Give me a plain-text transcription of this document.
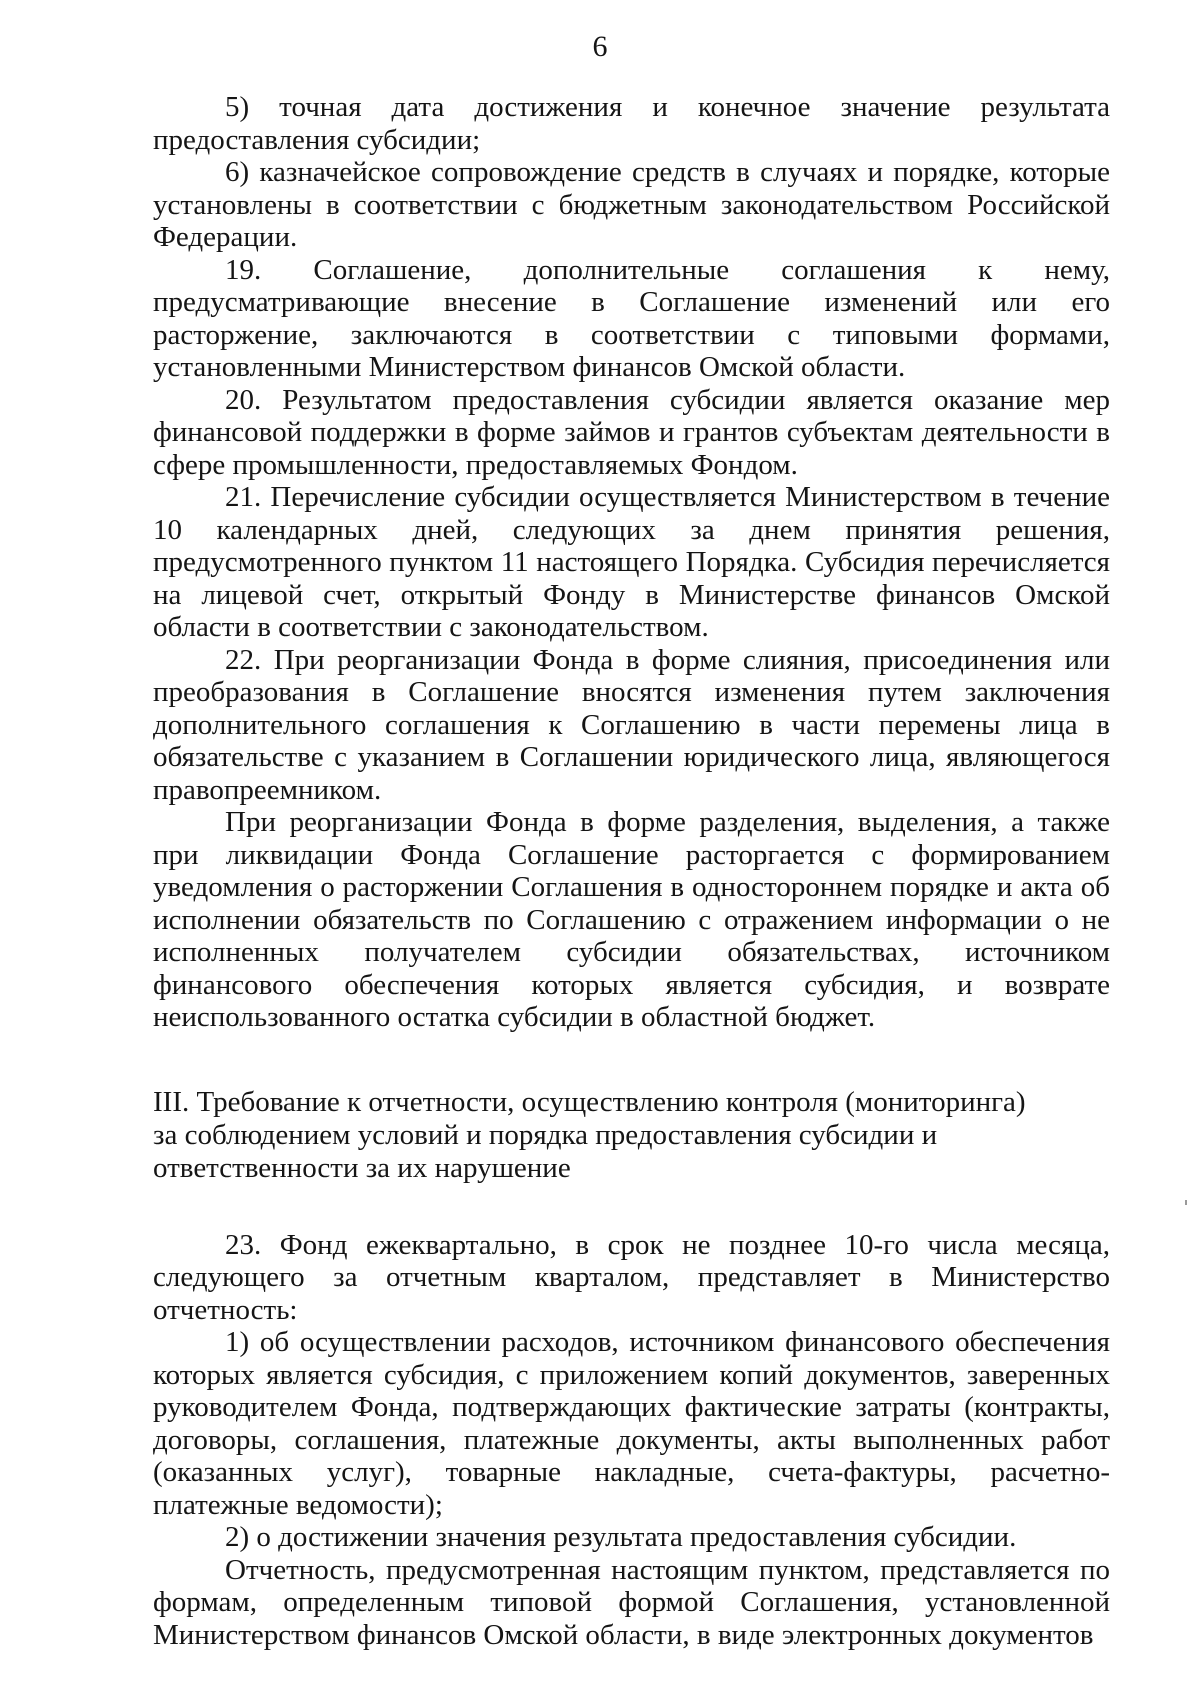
6

5) точная дата достижения и конечное значение результата предоставления субсидии;

6) казначейское сопровождение средств в случаях и порядке, которые установлены в соответствии с бюджетным законодательством Российской Федерации.

19. Соглашение, дополнительные соглашения к нему, предусматривающие внесение в Соглашение изменений или его расторжение, заключаются в соответствии с типовыми формами, установленными Министерством финансов Омской области.

20. Результатом предоставления субсидии является оказание мер финансовой поддержки в форме займов и грантов субъектам деятельности в сфере промышленности, предоставляемых Фондом.

21. Перечисление субсидии осуществляется Министерством в течение 10 календарных дней, следующих за днем принятия решения, предусмотренного пунктом 11 настоящего Порядка. Субсидия перечисляется на лицевой счет, открытый Фонду в Министерстве финансов Омской области в соответствии с законодательством.

22. При реорганизации Фонда в форме слияния, присоединения или преобразования в Соглашение вносятся изменения путем заключения дополнительного соглашения к Соглашению в части перемены лица в обязательстве с указанием в Соглашении юридического лица, являющегося правопреемником.

При реорганизации Фонда в форме разделения, выделения, а также при ликвидации Фонда Соглашение расторгается с формированием уведомления о расторжении Соглашения в одностороннем порядке и акта об исполнении обязательств по Соглашению с отражением информации о не исполненных получателем субсидии обязательствах, источником финансового обеспечения которых является субсидия, и возврате неиспользованного остатка субсидии в областной бюджет.

III. Требование к отчетности, осуществлению контроля (мониторинга)
за соблюдением условий и порядка предоставления субсидии и
ответственности за их нарушение

23. Фонд ежеквартально, в срок не позднее 10-го числа месяца, следующего за отчетным кварталом, представляет в Министерство отчетность:

1) об осуществлении расходов, источником финансового обеспечения которых является субсидия, с приложением копий документов, заверенных руководителем Фонда, подтверждающих фактические затраты (контракты, договоры, соглашения, платежные документы, акты выполненных работ (оказанных услуг), товарные накладные, счета-фактуры, расчетно-платежные ведомости);

2) о достижении значения результата предоставления субсидии.

Отчетность, предусмотренная настоящим пунктом, представляется по формам, определенным типовой формой Соглашения, установленной Министерством финансов Омской области, в виде электронных документов
